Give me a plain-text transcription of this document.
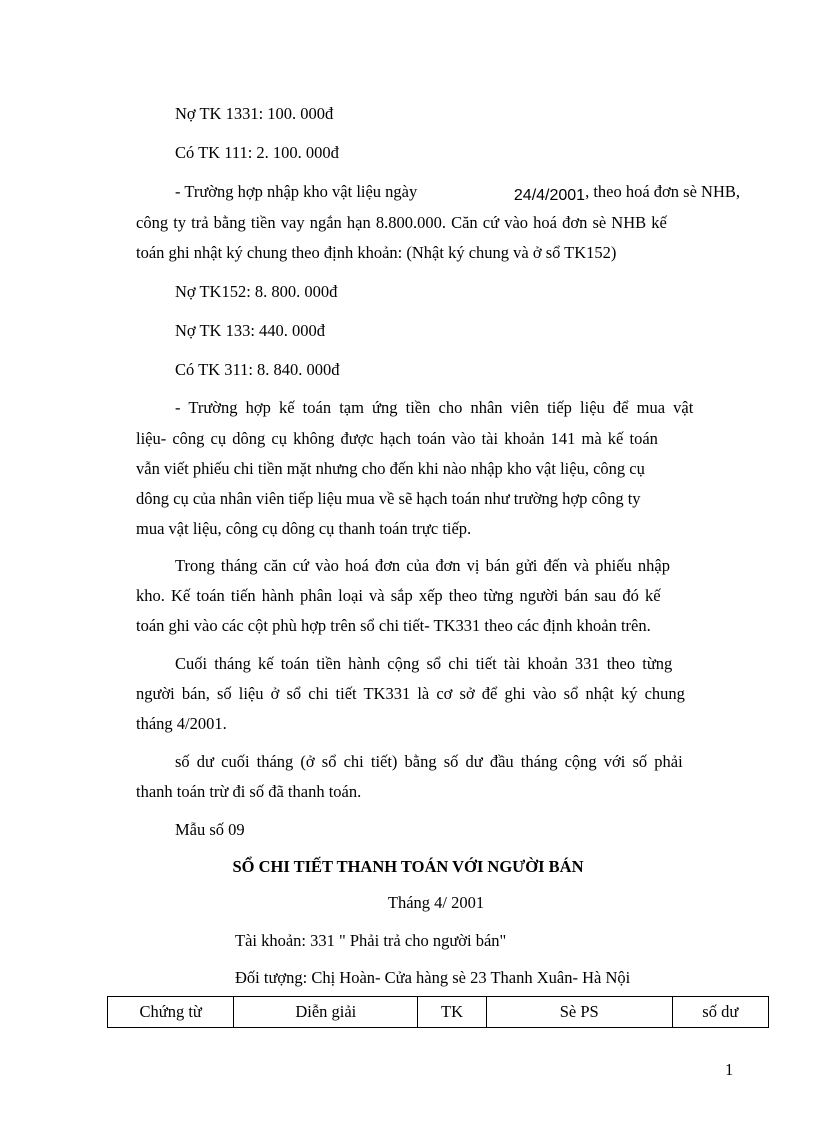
Nợ TK 1331: 100. 000đ
Có TK 111: 2. 100. 000đ
- Trường hợp nhập kho vật liệu ngày	24/4/2001, theo hoá đơn sè NHB,
công ty trả bằng tiền vay ngắn hạn 8.800.000. Căn cứ vào hoá đơn sè NHB kế
toán ghi nhật ký chung theo định khoản: (Nhật ký chung và ở sổ TK152)
Nợ TK152: 8. 800. 000đ
Nợ TK 133: 440. 000đ
Có TK 311: 8. 840. 000đ
- Trường hợp kế toán tạm ứng tiền cho nhân viên tiếp liệu để mua vật
liệu- công cụ dông cụ không được hạch toán vào tài khoản 141 mà kế toán
vẫn viết phiếu chi tiền mặt nhưng cho đến khi nào nhập kho vật liệu, công cụ
dông cụ của nhân viên tiếp liệu mua về sẽ hạch toán như trường hợp công ty
mua vật liệu, công cụ dông cụ thanh toán trực tiếp.
Trong tháng căn cứ vào hoá đơn của đơn vị bán gửi đến và phiếu nhập
kho. Kế toán tiến hành phân loại và sắp xếp theo từng người bán sau đó kế
toán ghi vào các cột phù hợp trên sổ chi tiết- TK331 theo các định khoản trên.
Cuối tháng kế toán tiền hành cộng sổ chi tiết tài khoản 331 theo từng
người bán, số liệu ở sổ chi tiết TK331 là cơ sở để ghi vào sổ nhật ký chung
tháng 4/2001.
số dư cuối tháng (ở sổ chi tiết) bằng số dư đầu tháng cộng với số phải
thanh toán trừ đi số đã thanh toán.
Mẫu số 09
SỔ CHI TIẾT THANH TOÁN VỚI NGƯỜI BÁN
Tháng 4/ 2001
Tài khoản: 331 " Phải trả cho người bán"
Đối tượng: Chị Hoàn- Cửa hàng sè 23 Thanh Xuân- Hà Nội
Chứng từ	Diễn giải	TK	Sè PS	số dư
1
